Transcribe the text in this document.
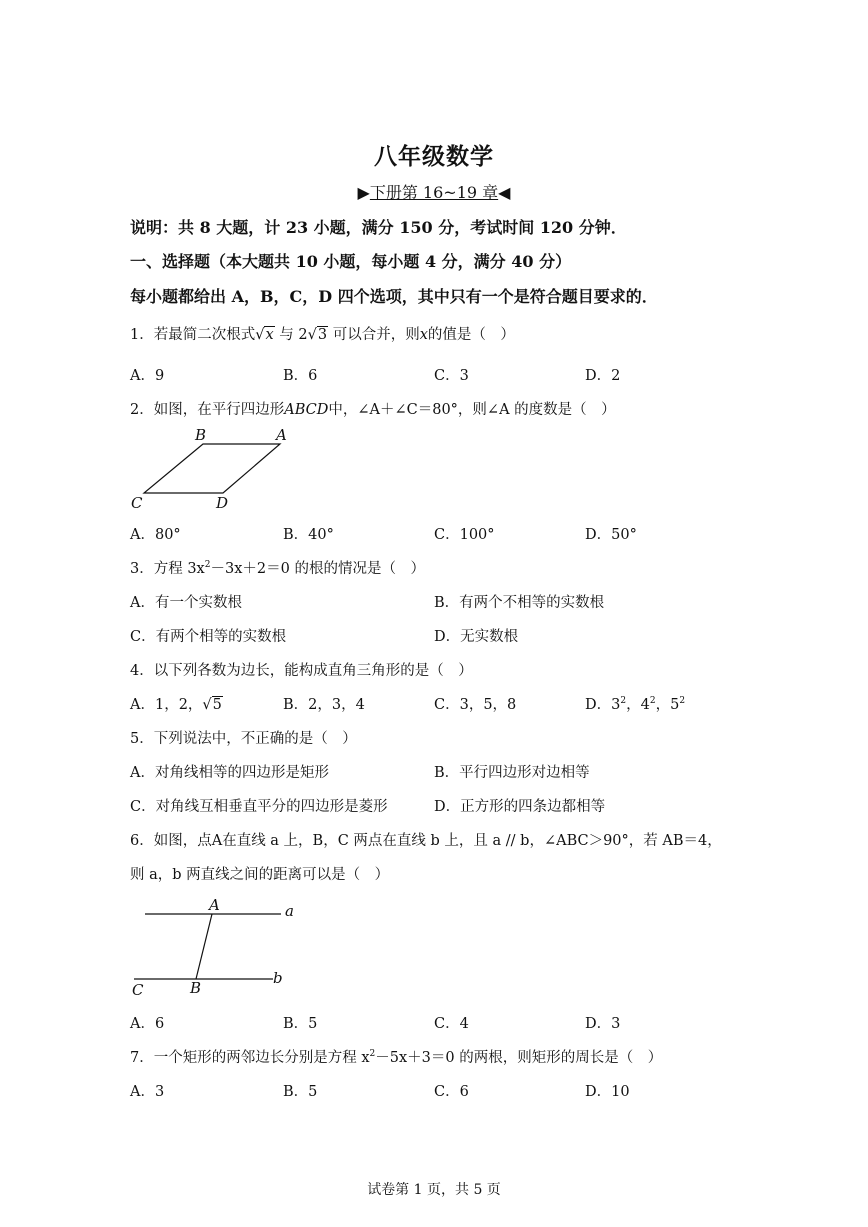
八年级数学
▶下册第 16~19 章◀
说明：共 8 大题，计 23 小题，满分 150 分，考试时间 120 分钟．
一、选择题（本大题共 10 小题，每小题 4 分，满分 40 分）
每小题都给出 A，B，C，D 四个选项，其中只有一个是符合题目要求的．
1．若最简二次根式√x 与 2√3 可以合并，则x的值是（　）
A．9	B．6	C．3	D．2
2．如图，在平行四边形ABCD中，∠A＋∠C＝80°，则∠A 的度数是（　）
B	A
C	D
A．80°	B．40°	C．100°	D．50°
3．方程 $3x^2-3x+2=0$ 的根的情况是（　）
A．有一个实数根	B．有两个不相等的实数根
C．有两个相等的实数根	D．无实数根
4．以下列各数为边长，能构成直角三角形的是（　）
A．1，2，√5	B．2，3，4	C．3，5，8	D．$3^2$，$4^2$，$5^2$
5．下列说法中，不正确的是（　）
A．对角线相等的四边形是矩形	B．平行四边形对边相等
C．对角线互相垂直平分的四边形是菱形	D．正方形的四条边都相等
6．如图，点A在直线 a 上，B，C 两点在直线 b 上，且 a // b，∠ABC＞90°，若 AB＝4，
则 a，b 两直线之间的距离可以是（　）
A	a
b
C	B
A．6	B．5	C．4	D．3
7．一个矩形的两邻边长分别是方程 $x^2-5x+3=0$ 的两根，则矩形的周长是（　）
A．3	B．5	C．6	D．10
试卷第 1 页，共 5 页
